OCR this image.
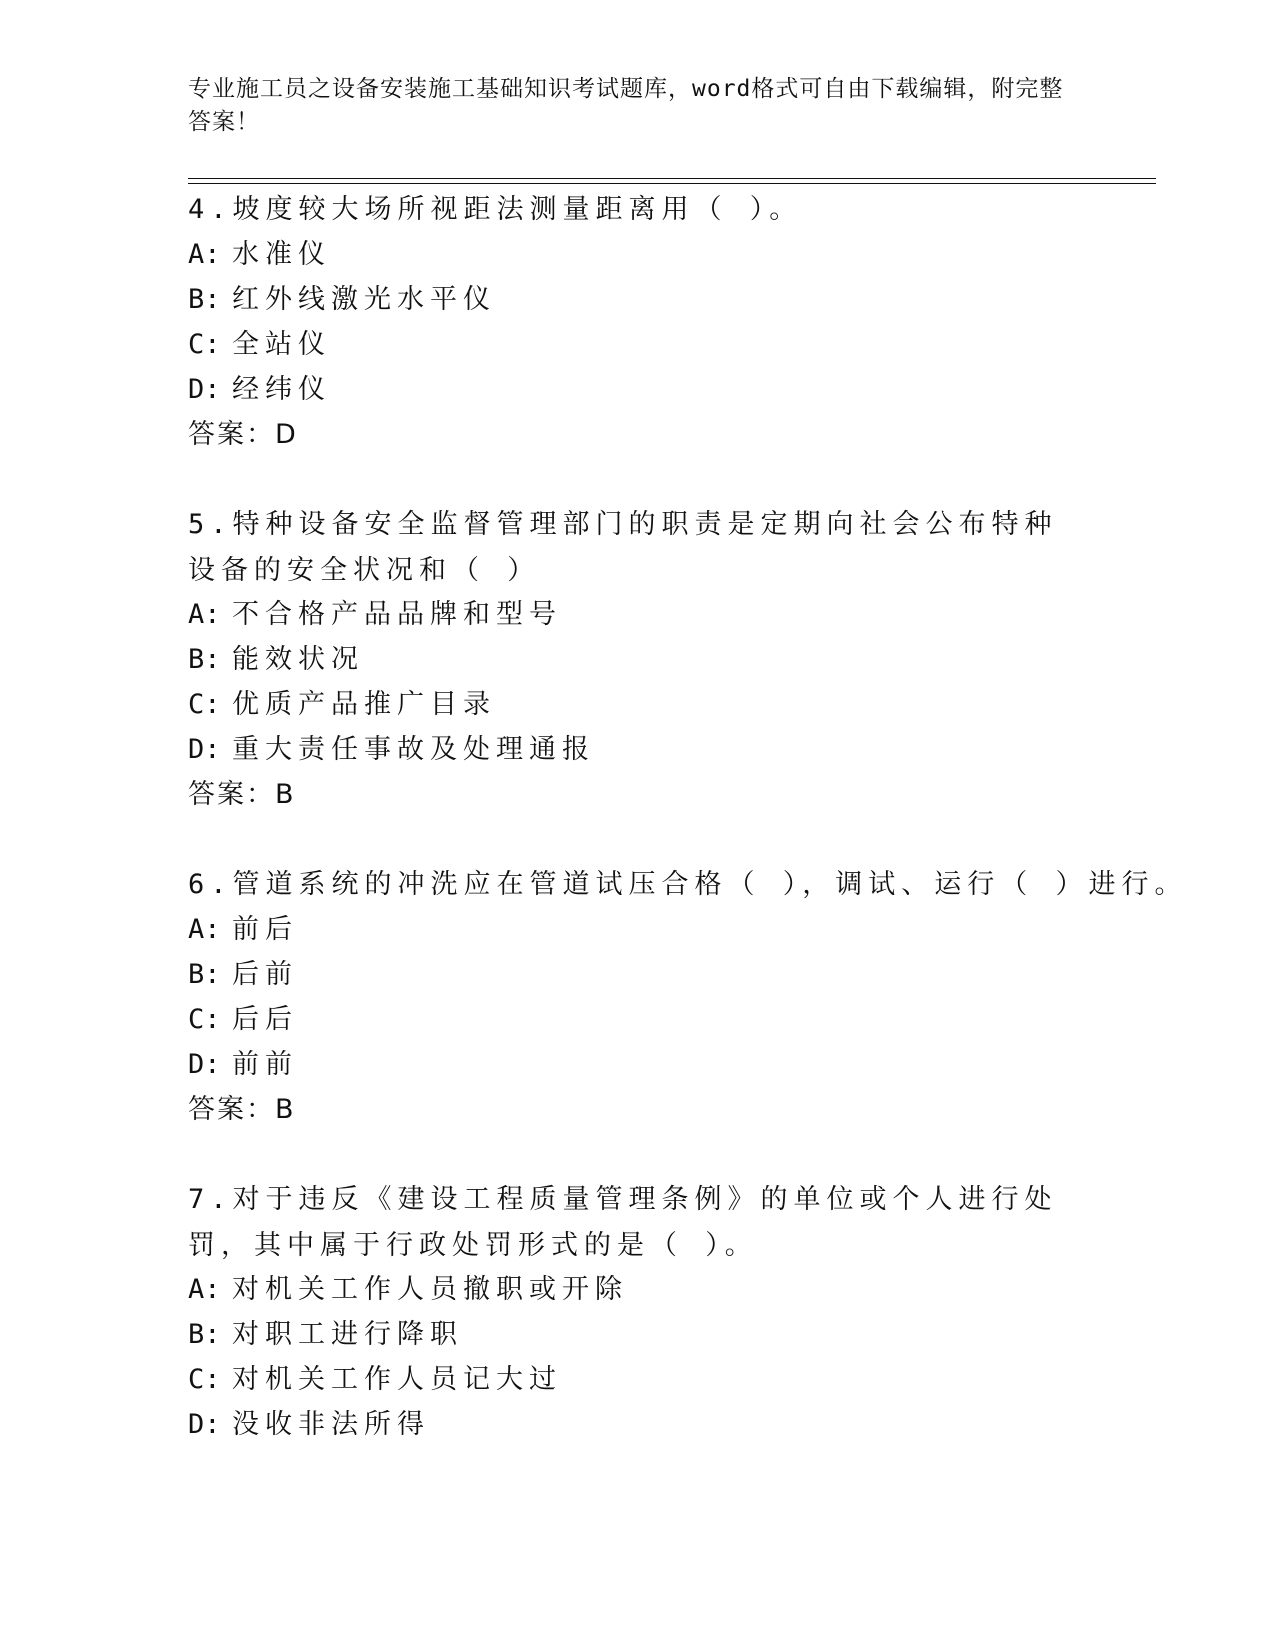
专业施工员之设备安装施工基础知识考试题库，word格式可自由下载编辑，附完整答案！
4.坡度较大场所视距法测量距离用（ ）。
A: 水准仪
B: 红外线激光水平仪
C: 全站仪
D: 经纬仪
答案：D
5.特种设备安全监督管理部门的职责是定期向社会公布特种设备的安全状况和（ ）
A: 不合格产品品牌和型号
B: 能效状况
C: 优质产品推广目录
D: 重大责任事故及处理通报
答案：B
6.管道系统的冲洗应在管道试压合格（ ），调试、运行（ ）进行。
A: 前后
B: 后前
C: 后后
D: 前前
答案：B
7.对于违反《建设工程质量管理条例》的单位或个人进行处罚，其中属于行政处罚形式的是（ ）。
A: 对机关工作人员撤职或开除
B: 对职工进行降职
C: 对机关工作人员记大过
D: 没收非法所得
